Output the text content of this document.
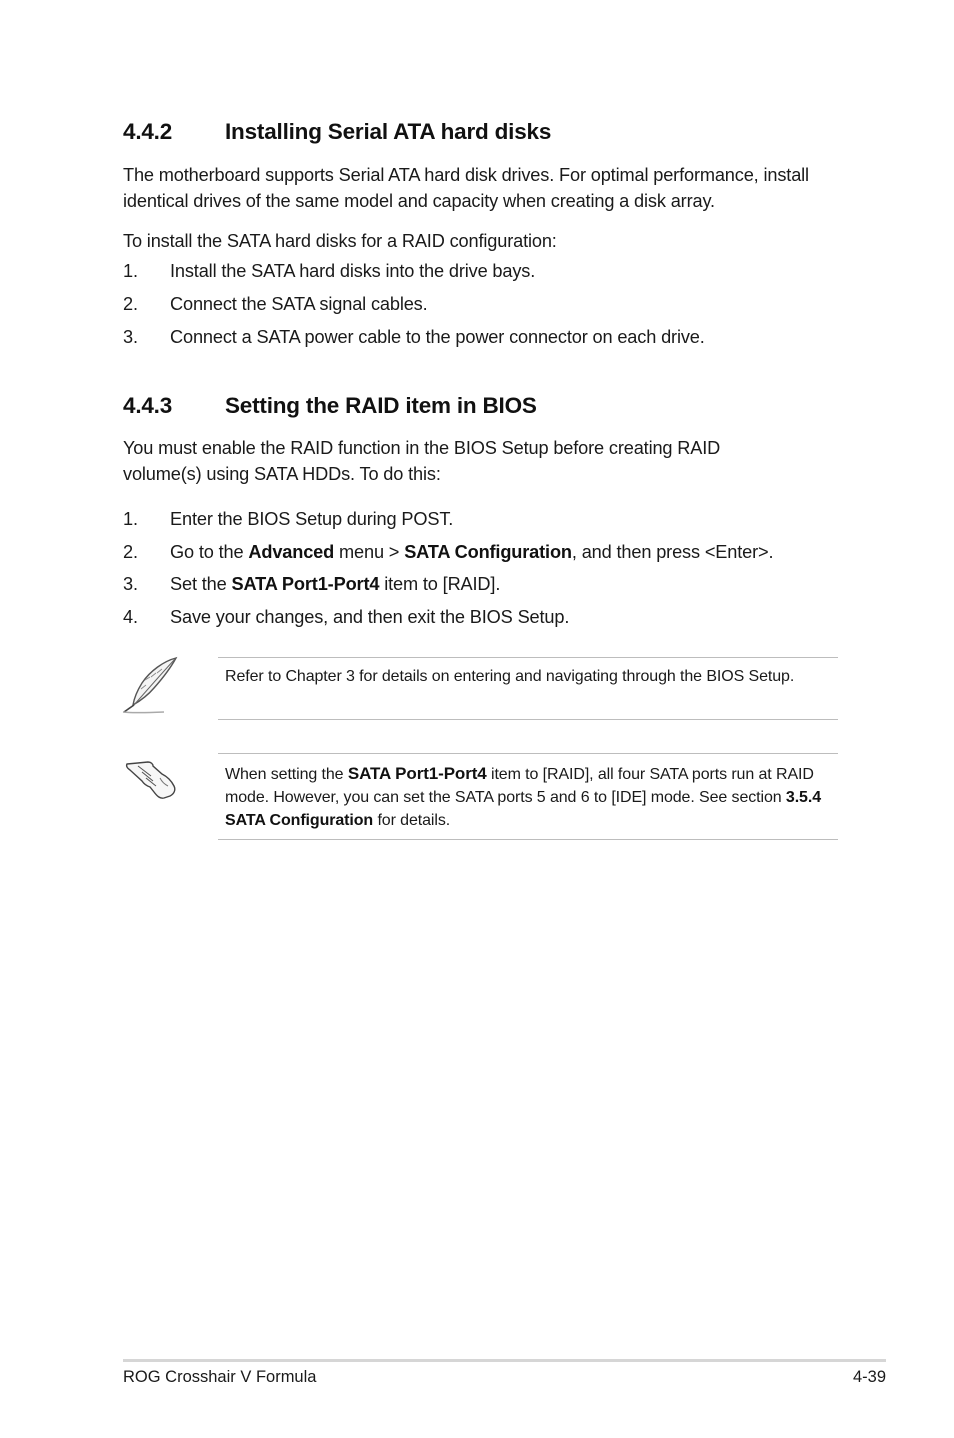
4.4.2 Installing Serial ATA hard disks
The motherboard supports Serial ATA hard disk drives. For optimal performance, install identical drives of the same model and capacity when creating a disk array.
To install the SATA hard disks for a RAID configuration:
1. Install the SATA hard disks into the drive bays.
2. Connect the SATA signal cables.
3. Connect a SATA power cable to the power connector on each drive.
4.4.3 Setting the RAID item in BIOS
You must enable the RAID function in the BIOS Setup before creating RAID volume(s) using SATA HDDs. To do this:
1. Enter the BIOS Setup during POST.
2. Go to the Advanced menu > SATA Configuration, and then press <Enter>.
3. Set the SATA Port1-Port4 item to [RAID].
4. Save your changes, and then exit the BIOS Setup.
Refer to Chapter 3 for details on entering and navigating through the BIOS Setup.
When setting the SATA Port1-Port4 item to [RAID], all four SATA ports run at RAID mode. However, you can set the SATA ports 5 and 6 to [IDE] mode. See section 3.5.4 SATA Configuration for details.
ROG Crosshair V Formula	4-39
